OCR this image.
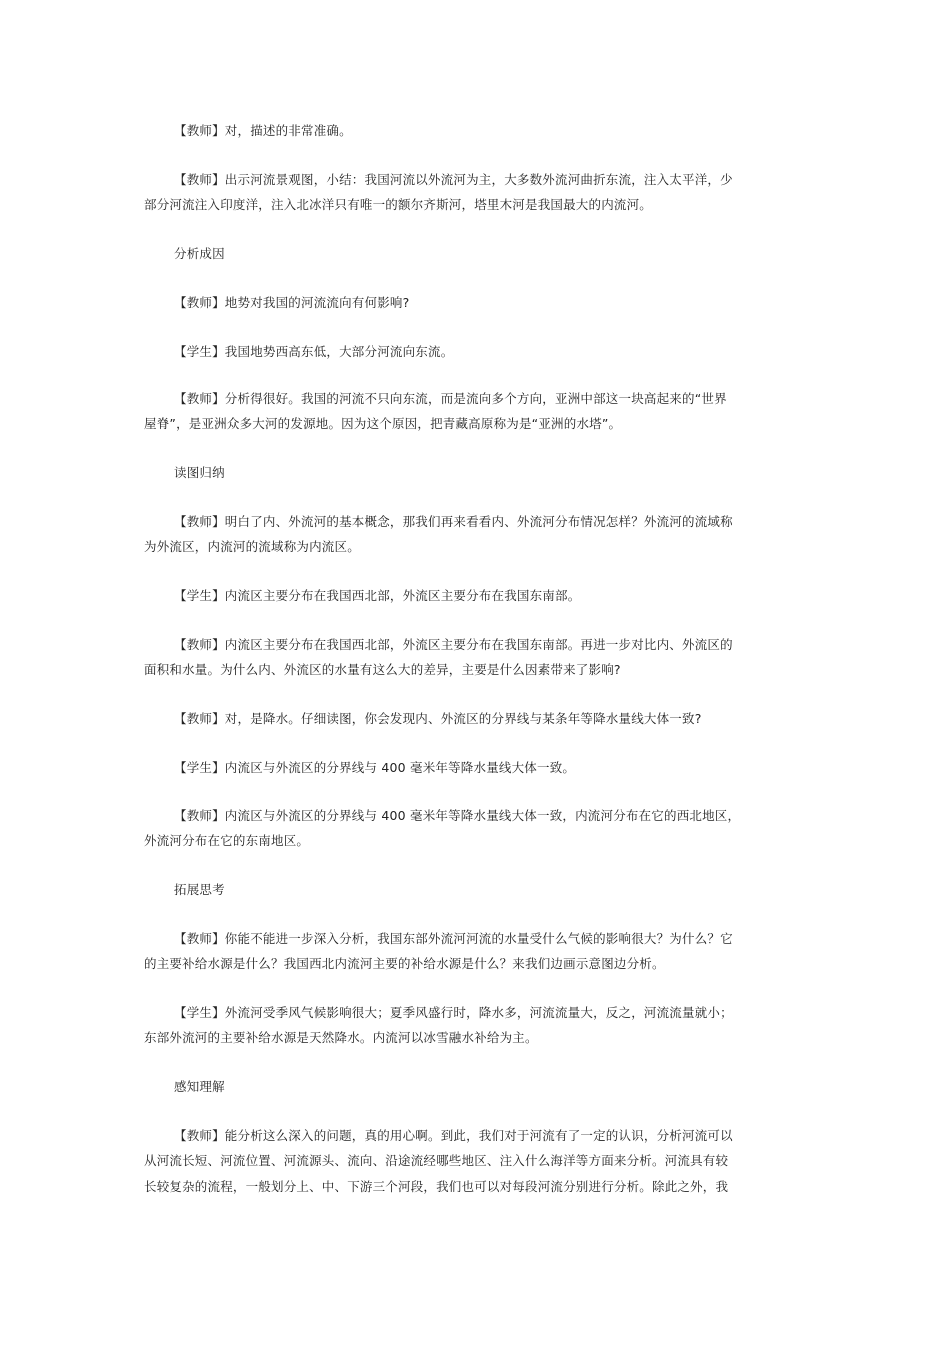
【教师】对，描述的非常准确。
【教师】出示河流景观图，小结：我国河流以外流河为主，大多数外流河曲折东流，注入太平洋，少
部分河流注入印度洋，注入北冰洋只有唯一的额尔齐斯河，塔里木河是我国最大的内流河。
分析成因
【教师】地势对我国的河流流向有何影响?
【学生】我国地势西高东低，大部分河流向东流。
【教师】分析得很好。我国的河流不只向东流，而是流向多个方向，亚洲中部这一块高起来的“世界
屋脊”，是亚洲众多大河的发源地。因为这个原因，把青藏高原称为是“亚洲的水塔”。
读图归纳
【教师】明白了内、外流河的基本概念，那我们再来看看内、外流河分布情况怎样？外流河的流域称
为外流区，内流河的流域称为内流区。
【学生】内流区主要分布在我国西北部，外流区主要分布在我国东南部。
【教师】内流区主要分布在我国西北部，外流区主要分布在我国东南部。再进一步对比内、外流区的
面积和水量。为什么内、外流区的水量有这么大的差异，主要是什么因素带来了影响?
【教师】对，是降水。仔细读图，你会发现内、外流区的分界线与某条年等降水量线大体一致?
【学生】内流区与外流区的分界线与 400 毫米年等降水量线大体一致。
【教师】内流区与外流区的分界线与 400 毫米年等降水量线大体一致，内流河分布在它的西北地区，
外流河分布在它的东南地区。
拓展思考
【教师】你能不能进一步深入分析，我国东部外流河河流的水量受什么气候的影响很大？为什么？它
的主要补给水源是什么？我国西北内流河主要的补给水源是什么？来我们边画示意图边分析。
【学生】外流河受季风气候影响很大；夏季风盛行时，降水多，河流流量大，反之，河流流量就小；
东部外流河的主要补给水源是天然降水。内流河以冰雪融水补给为主。
感知理解
【教师】能分析这么深入的问题，真的用心啊。到此，我们对于河流有了一定的认识，分析河流可以
从河流长短、河流位置、河流源头、流向、沿途流经哪些地区、注入什么海洋等方面来分析。河流具有较
长较复杂的流程，一般划分上、中、下游三个河段，我们也可以对每段河流分别进行分析。除此之外，我
